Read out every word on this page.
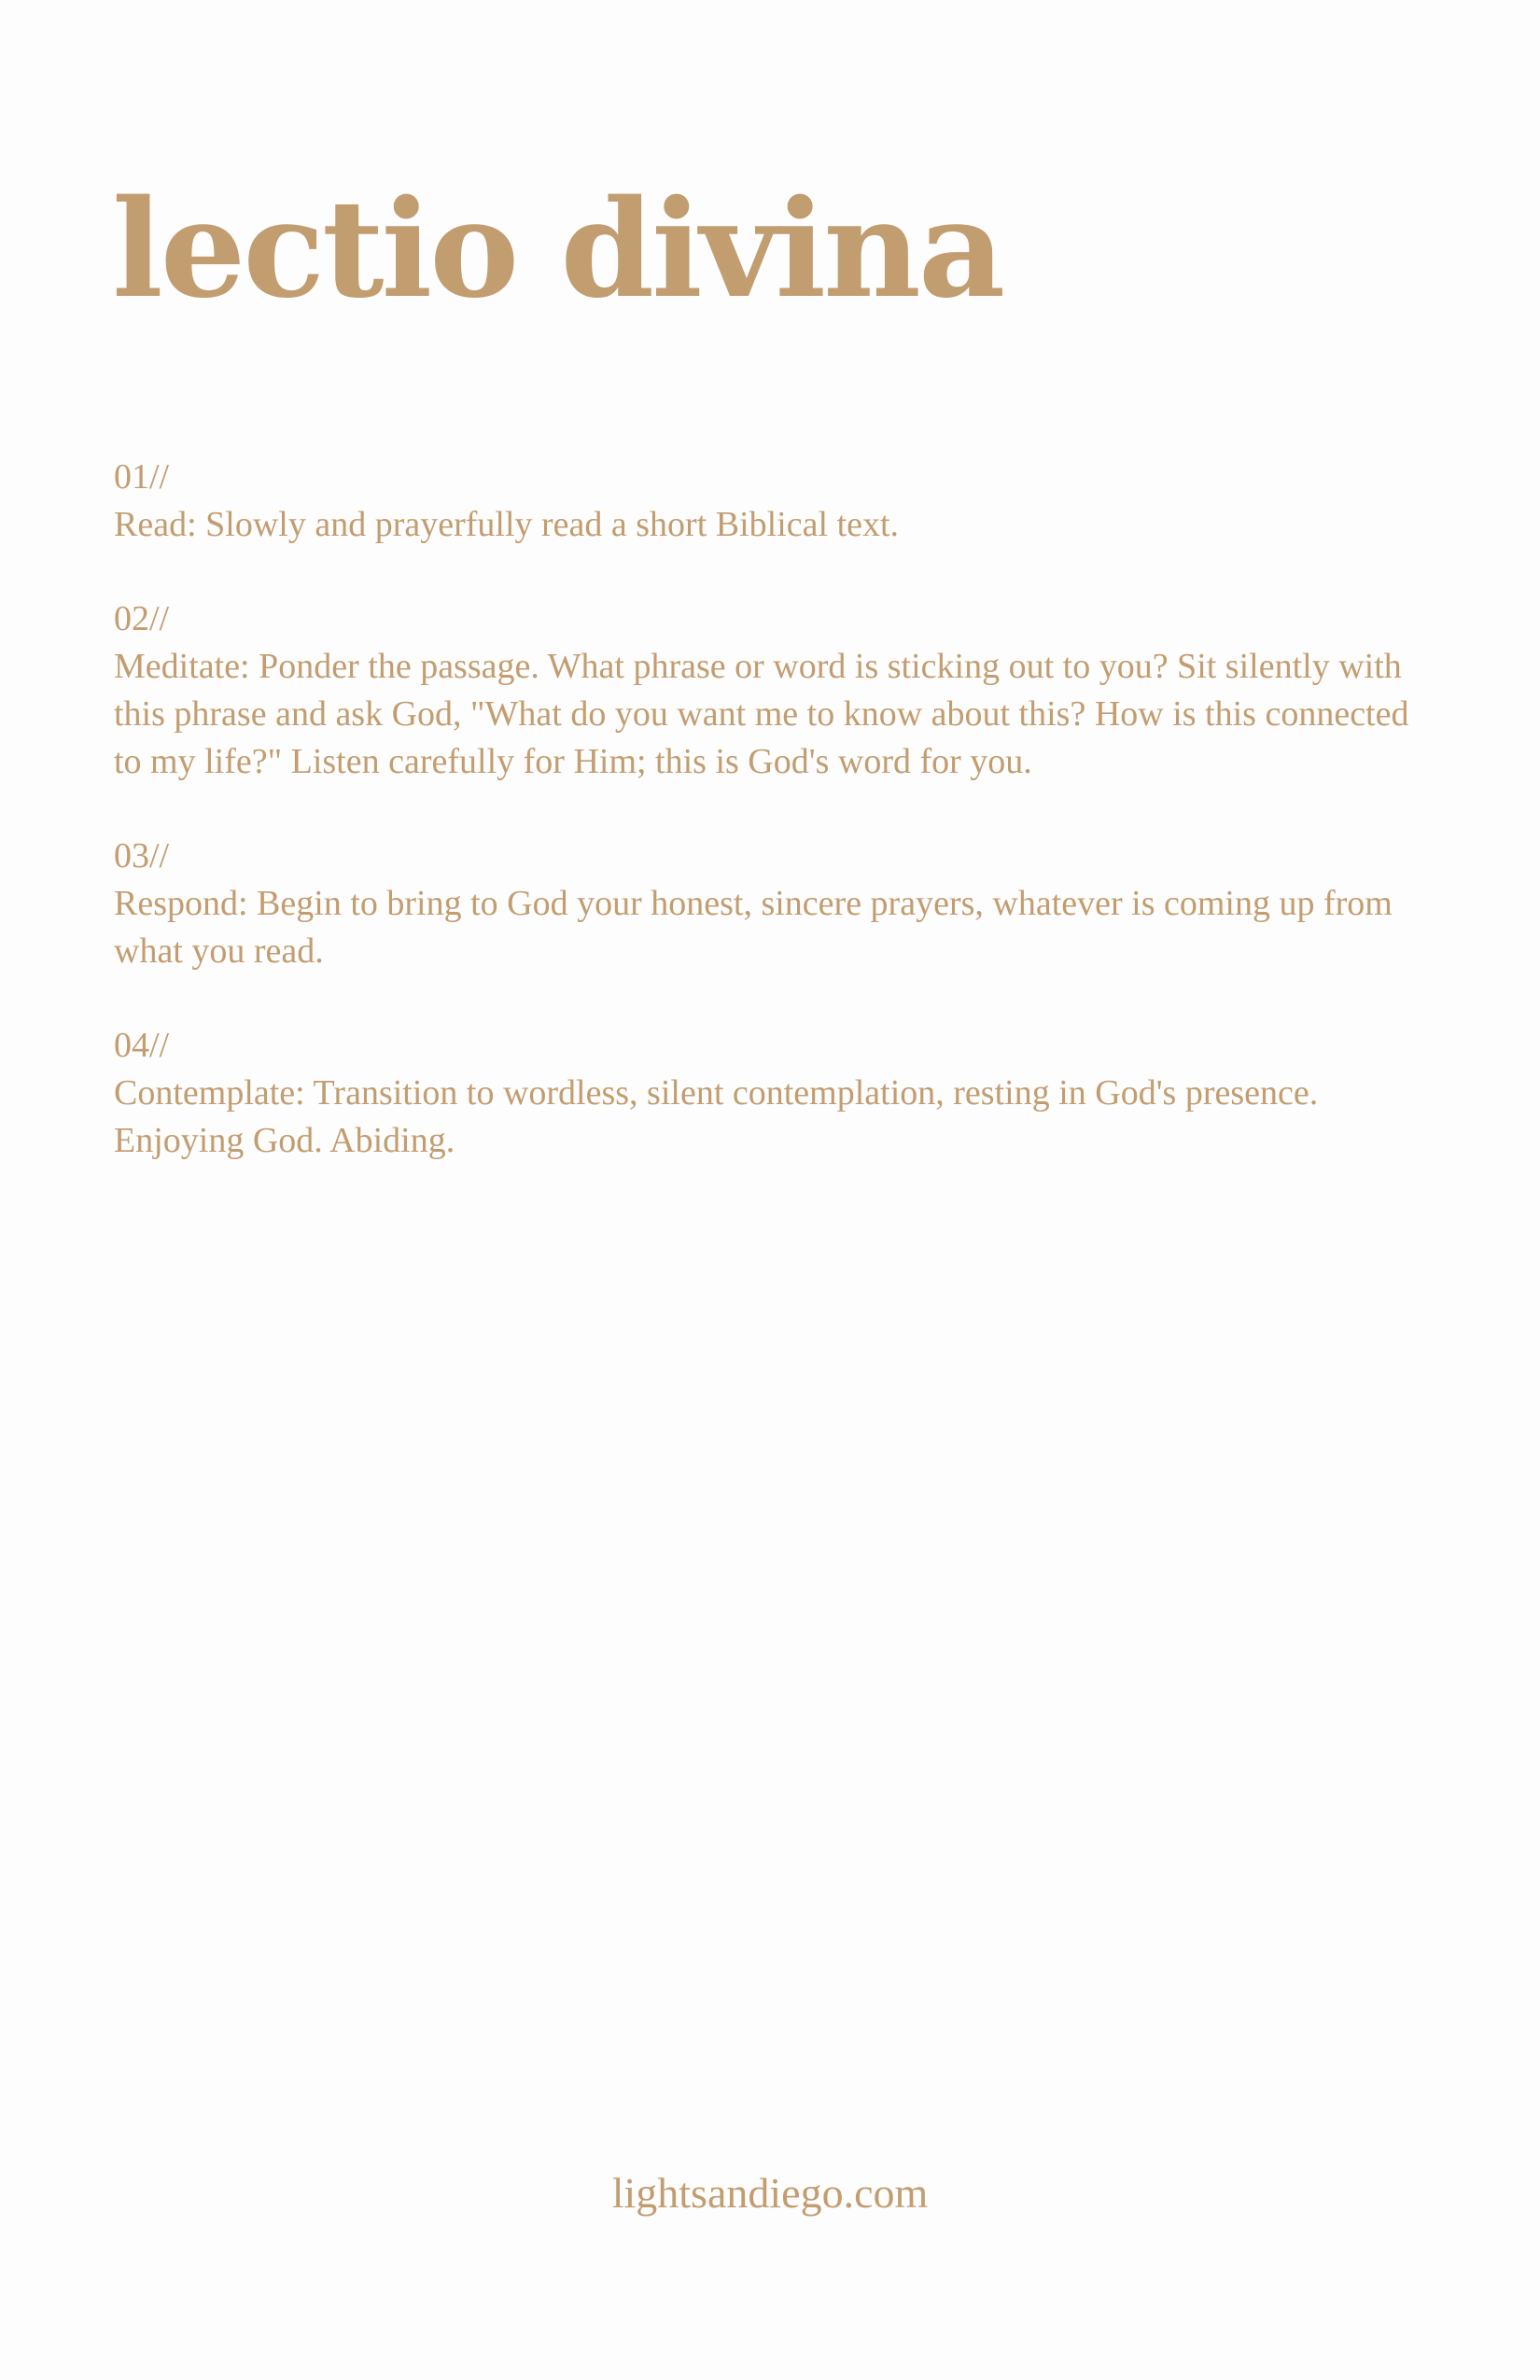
lectio divina
01//
Read: Slowly and prayerfully read a short Biblical text.
02//
Meditate: Ponder the passage. What phrase or word is sticking out to you? Sit silently with this phrase and ask God, "What do you want me to know about this? How is this connected to my life?" Listen carefully for Him; this is God's word for you.
03//
Respond: Begin to bring to God your honest, sincere prayers, whatever is coming up from what you read.
04//
Contemplate: Transition to wordless, silent contemplation, resting in God's presence. Enjoying God. Abiding.
lightsandiego.com
